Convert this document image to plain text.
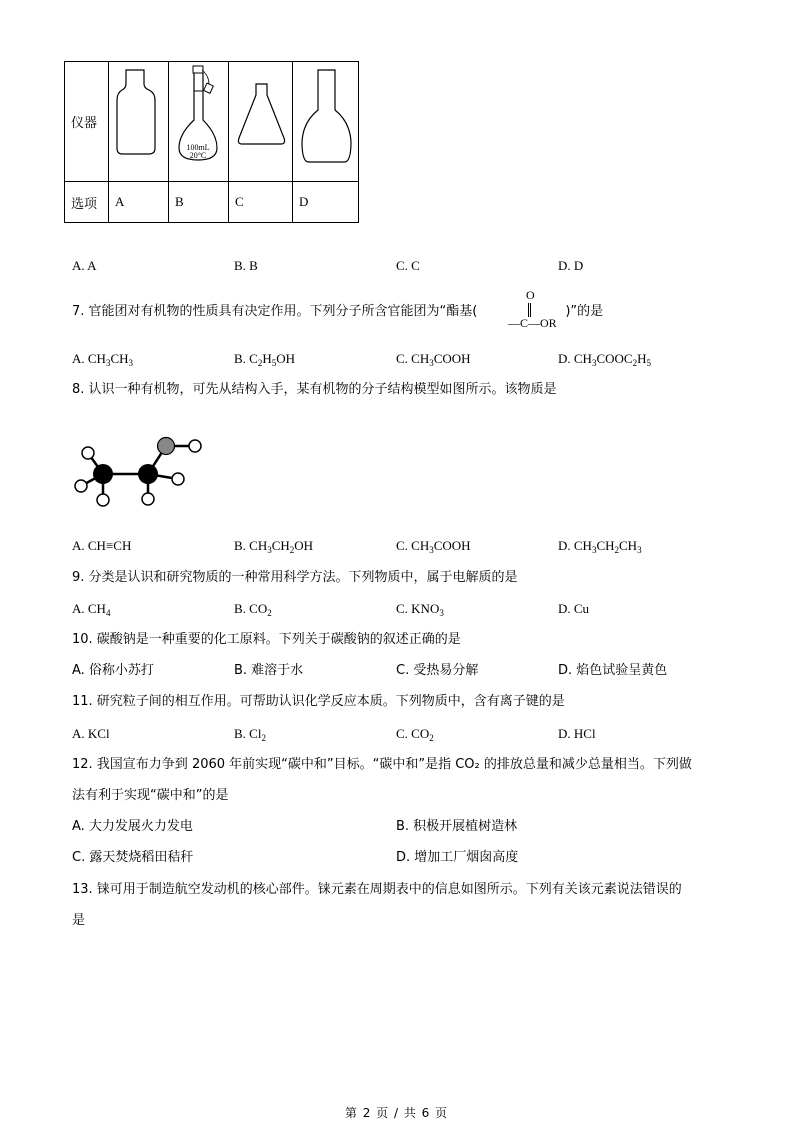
仪器		100mL
20°C

选项	A	B	C	D
A. A	B. B	C. C	D. D
7. 官能团对有机物的性质具有决定作用。下列分子所含官能团为“酯基(	)”的是
O
—C—OR
A. $CH_3CH_3$	B. $C_2H_5OH$	C. $CH_3COOH$	D. $CH_3COOC_2H_5$
8. 认识一种有机物，可先从结构入手，某有机物的分子结构模型如图所示。该物质是
A. CH≡CH	B. $CH_3CH_2OH$	C. $CH_3COOH$	D. $CH_3CH_2CH_3$
9. 分类是认识和研究物质的一种常用科学方法。下列物质中，属于电解质的是
A. $CH_4$	B. $CO_2$	C. $KNO_3$	D. Cu
10. 碳酸钠是一种重要的化工原料。下列关于碳酸钠的叙述正确的是
A. 俗称小苏打	B. 难溶于水	C. 受热易分解	D. 焰色试验呈黄色
11. 研究粒子间的相互作用。可帮助认识化学反应本质。下列物质中，含有离子键的是
A. KCl	B. $Cl_2$	C. $CO_2$	D. HCl
12. 我国宣布力争到 2060 年前实现“碳中和”目标。“碳中和”是指 CO₂ 的排放总量和减少总量相当。下列做
法有利于实现“碳中和”的是
A. 大力发展火力发电	B. 积极开展植树造林
C. 露天焚烧稻田秸秆	D. 增加工厂烟囱高度
13. 铼可用于制造航空发动机的核心部件。铼元素在周期表中的信息如图所示。下列有关该元素说法错误的
是
第 2 页 / 共 6 页
